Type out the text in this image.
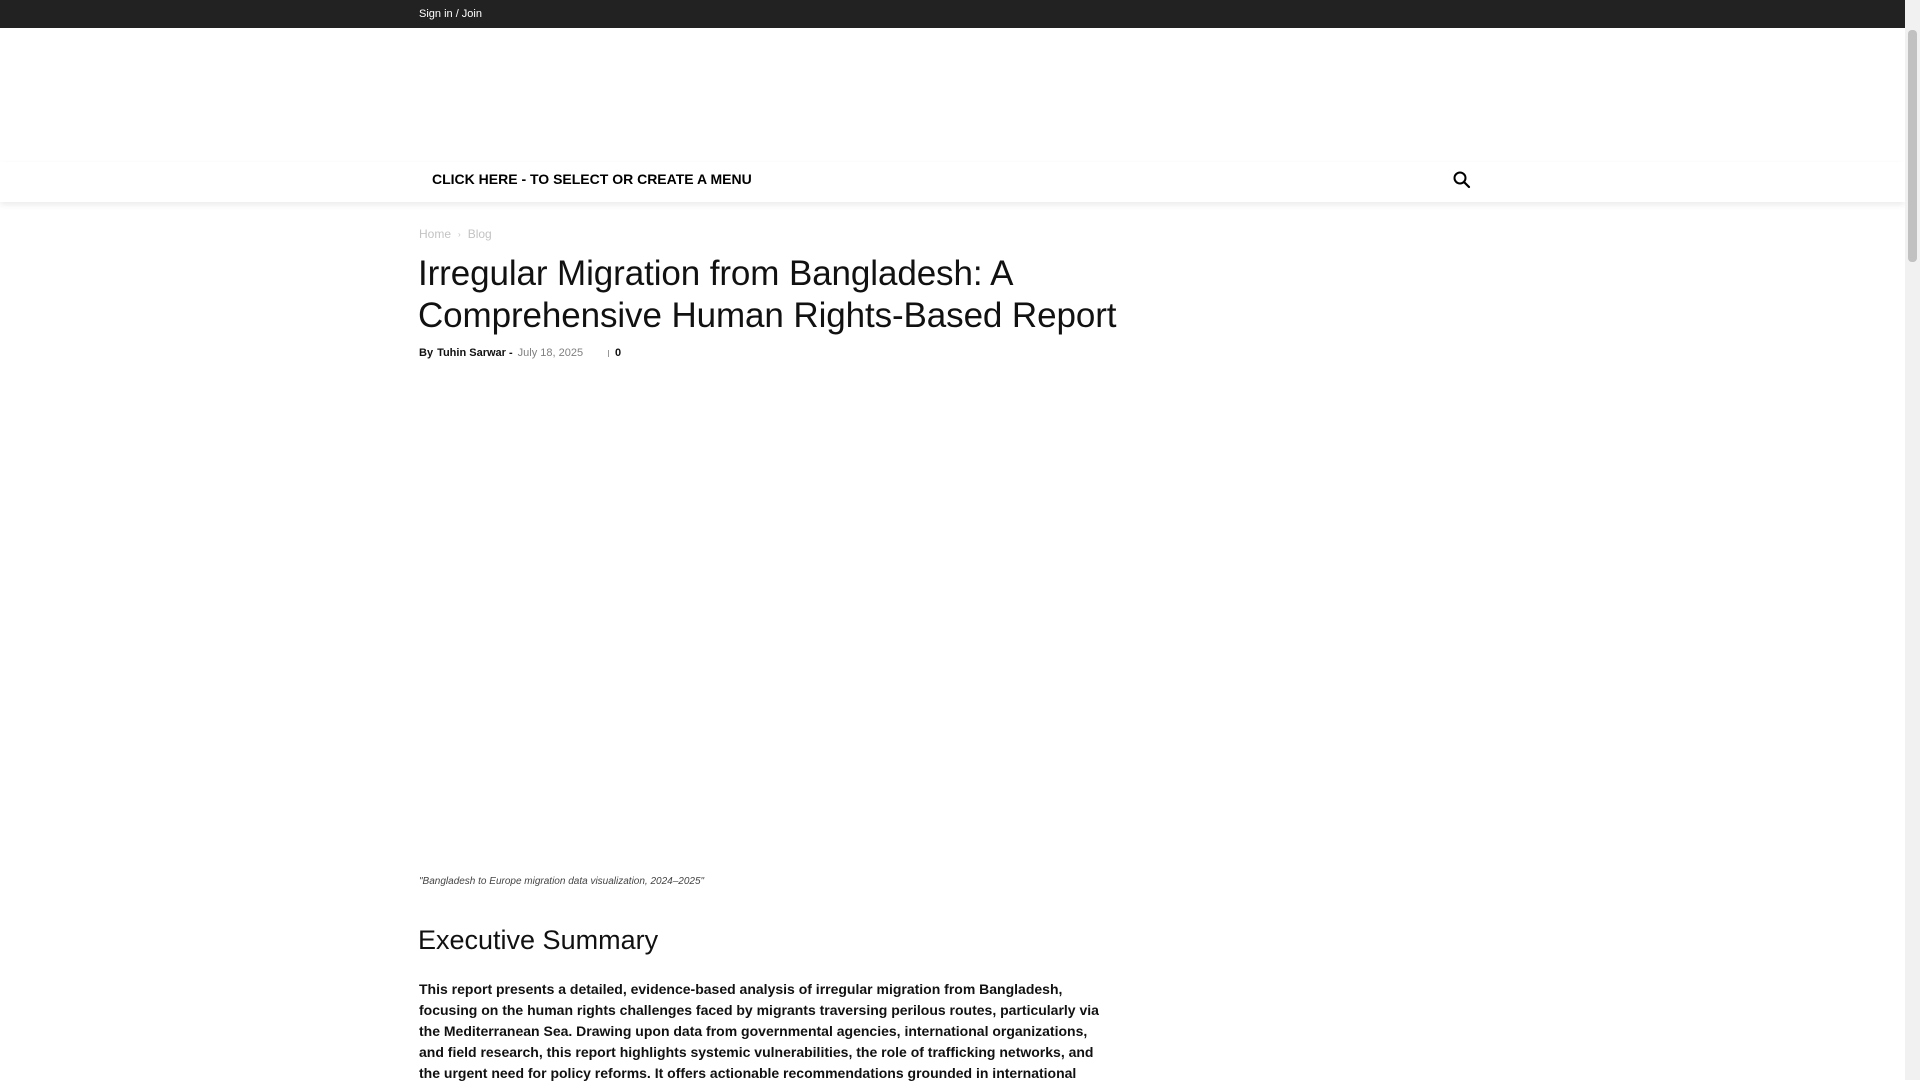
Sign in / Join
CLICK HERE - TO SELECT OR CREATE A MENU
Home › Blog
Irregular Migration from Bangladesh: A Comprehensive Human Rights-Based Report
By Tuhin Sarwar - July 18, 2025	0
"Bangladesh to Europe migration data visualization, 2024–2025"
Executive Summary

This report presents a detailed, evidence-based analysis of irregular migration from Bangladesh, focusing on the human rights challenges faced by migrants traversing perilous routes, particularly via the Mediterranean Sea. Drawing upon data from governmental agencies, international organizations, and field research, this report highlights systemic vulnerabilities, the role of trafficking networks, and the urgent need for policy reforms. It offers actionable recommendations grounded in international
